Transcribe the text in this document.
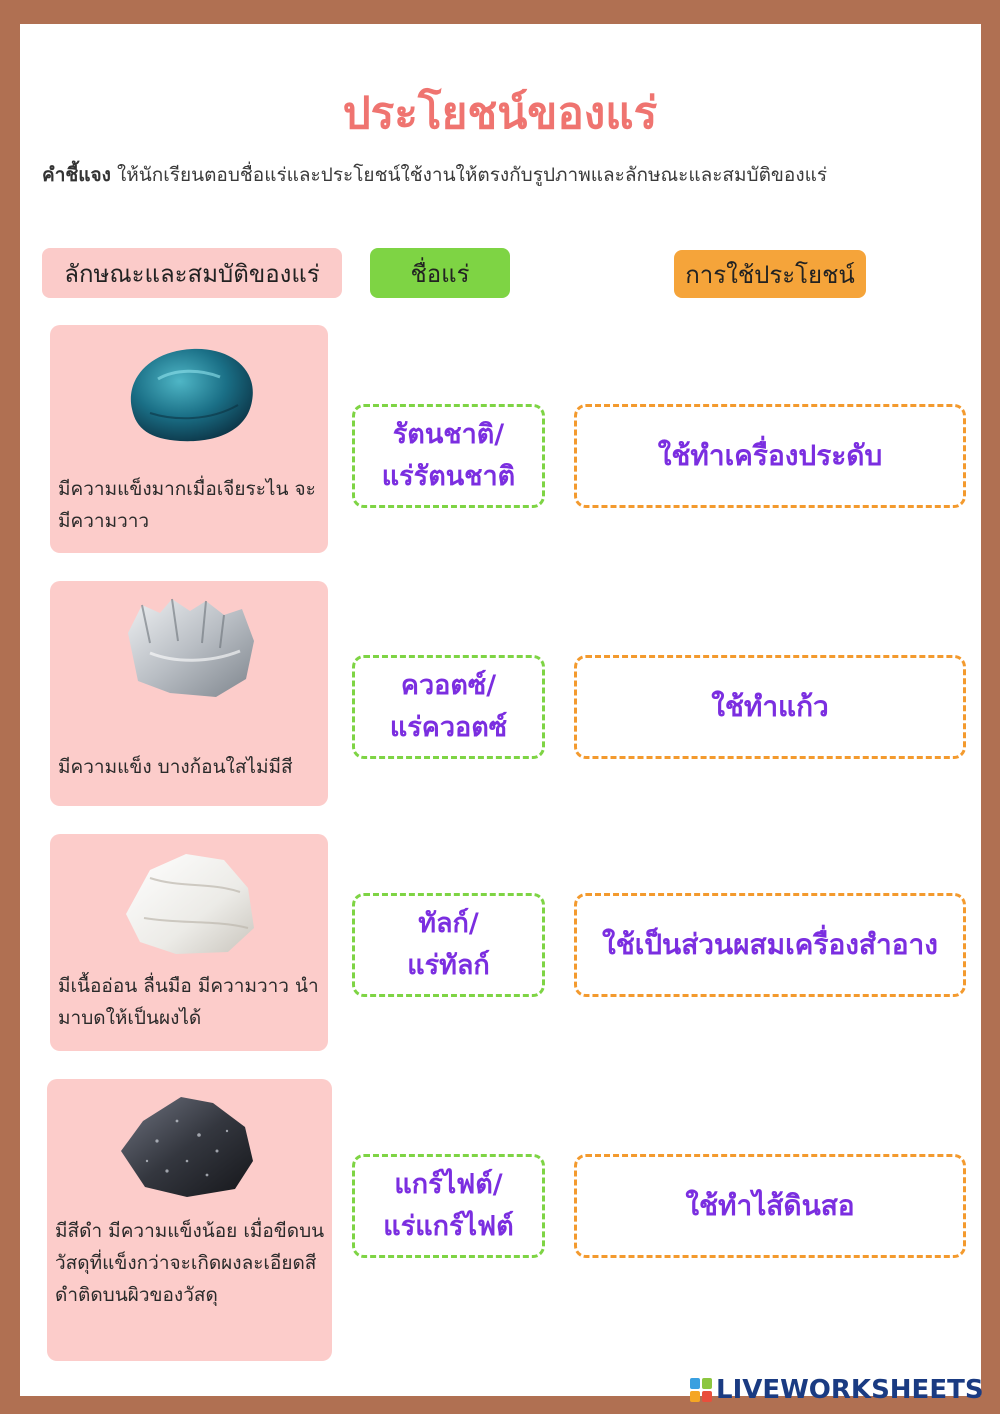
ประโยชน์ของแร่
คำชี้แจง ให้นักเรียนตอบชื่อแร่และประโยชน์ใช้งานให้ตรงกับรูปภาพและลักษณะและสมบัติของแร่
ลักษณะและสมบัติของแร่	ชื่อแร่	การใช้ประโยชน์
มีความแข็งมากเมื่อเจียระไน จะมีความวาว
รัตนชาติ/
แร่รัตนชาติ
ใช้ทำเครื่องประดับ
มีความแข็ง บางก้อนใสไม่มีสี
ควอตซ์/
แร่ควอตซ์
ใช้ทำแก้ว
มีเนื้ออ่อน ลื่นมือ มีความวาว นำมาบดให้เป็นผงได้
ทัลก์/
แร่ทัลก์
ใช้เป็นส่วนผสมเครื่องสำอาง
มีสีดำ มีความแข็งน้อย เมื่อขีดบนวัสดุที่แข็งกว่าจะเกิดผงละเอียดสีดำติดบนผิวของวัสดุ
แกร์ไฟต์/
แร่แกร์ไฟต์
ใช้ทำไส้ดินสอ
LIVEWORKSHEETS
